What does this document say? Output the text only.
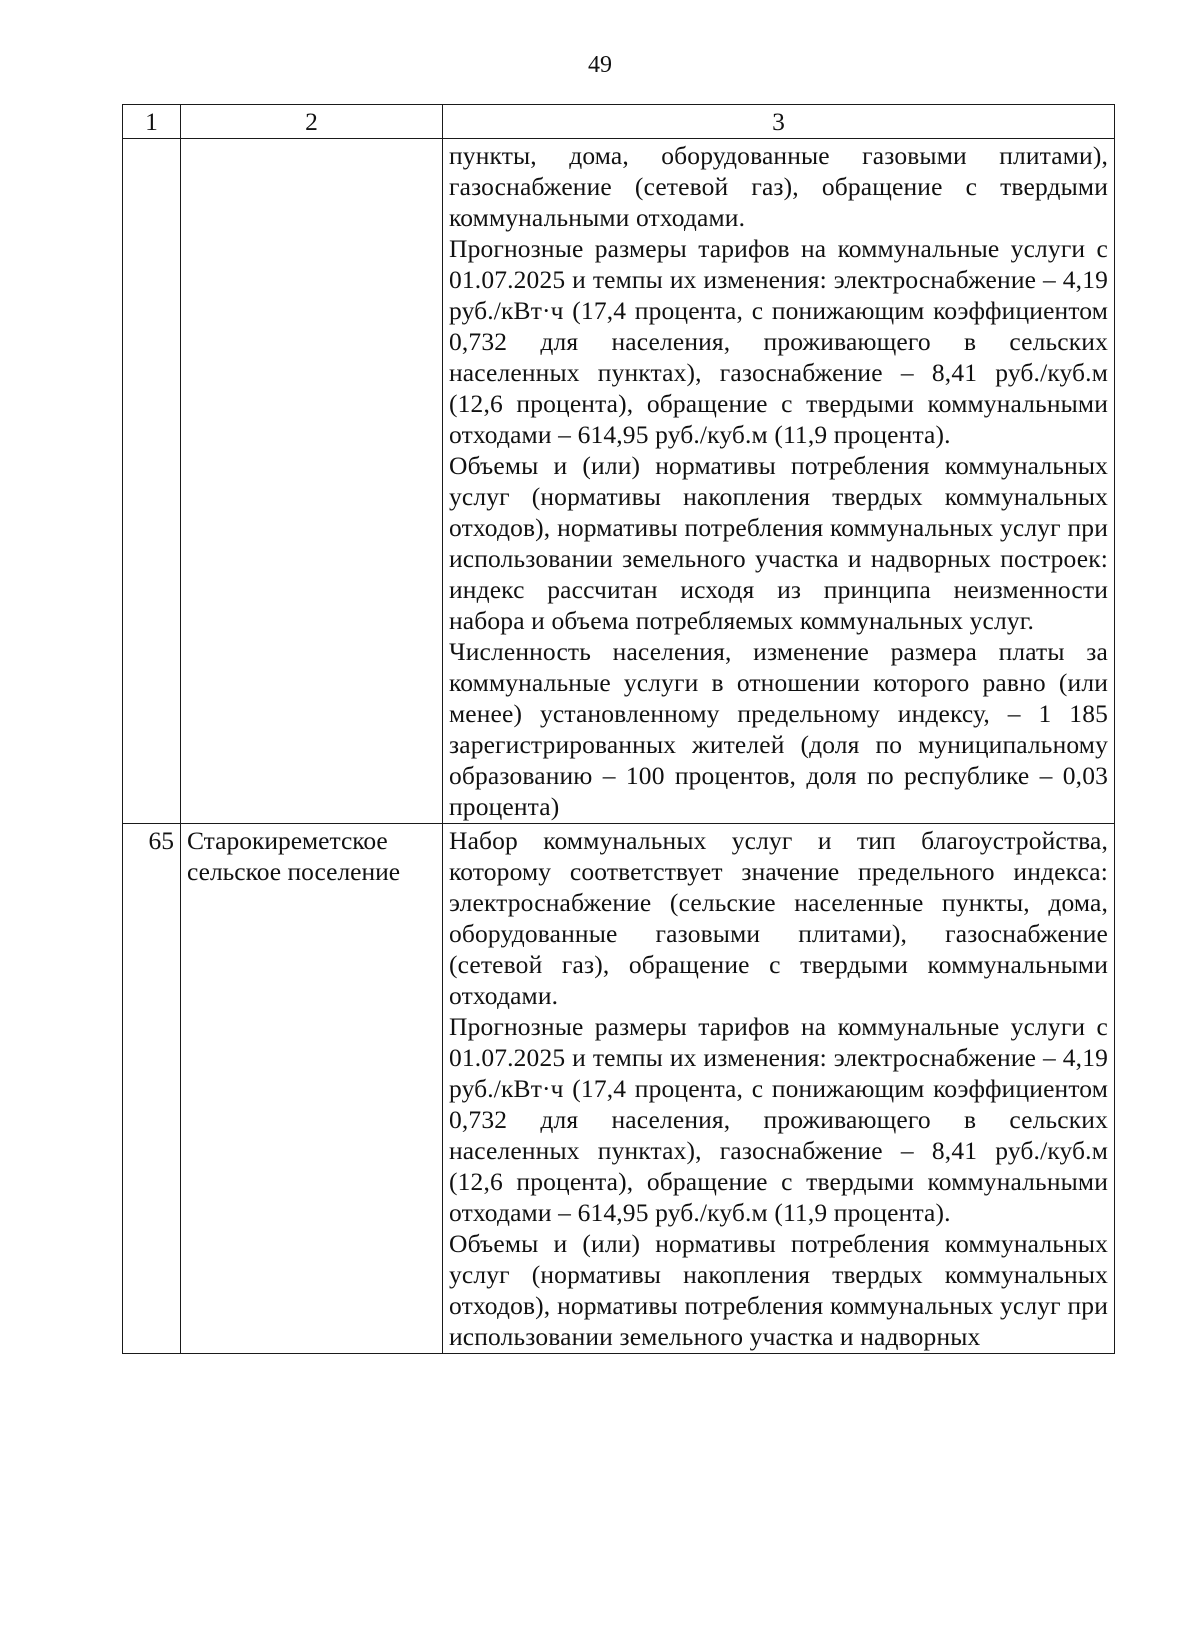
49
1	2	3

		пункты, дома, оборудованные газовыми плитами), газоснабжение (сетевой газ), обращение с твердыми коммунальными отходами.

Прогнозные размеры тарифов на коммунальные услуги с 01.07.2025 и темпы их изменения: электроснабжение – 4,19 руб./кВт·ч (17,4 процента, с понижающим коэффициентом 0,732 для населения, проживающего в сельских населенных пунктах), газоснабжение – 8,41 руб./куб.м (12,6 процента), обращение с твердыми коммунальными отходами – 614,95 руб./куб.м (11,9 процента).

Объемы и (или) нормативы потребления коммунальных услуг (нормативы накопления твердых коммунальных отходов), нормативы потребления коммунальных услуг при использовании земельного участка и надворных построек: индекс рассчитан исходя из принципа неизменности набора и объема потребляемых коммунальных услуг.

Численность населения, изменение размера платы за коммунальные услуги в отношении которого равно (или менее) установленному предельному индексу, – 1 185 зарегистрированных жителей (доля по муниципальному образованию – 100 процентов, доля по республике – 0,03 процента)

65	Старокиреметское сельское поселение	Набор коммунальных услуг и тип благоустройства, которому соответствует значение предельного индекса: электроснабжение (сельские населенные пункты, дома, оборудованные газовыми плитами), газоснабжение (сетевой газ), обращение с твердыми коммунальными отходами.

Прогнозные размеры тарифов на коммунальные услуги с 01.07.2025 и темпы их изменения: электроснабжение – 4,19 руб./кВт·ч (17,4 процента, с понижающим коэффициентом 0,732 для населения, проживающего в сельских населенных пунктах), газоснабжение – 8,41 руб./куб.м (12,6 процента), обращение с твердыми коммунальными отходами – 614,95 руб./куб.м (11,9 процента).

Объемы и (или) нормативы потребления коммунальных услуг (нормативы накопления твердых коммунальных отходов), нормативы потребления коммунальных услуг при использовании земельного участка и надворных
